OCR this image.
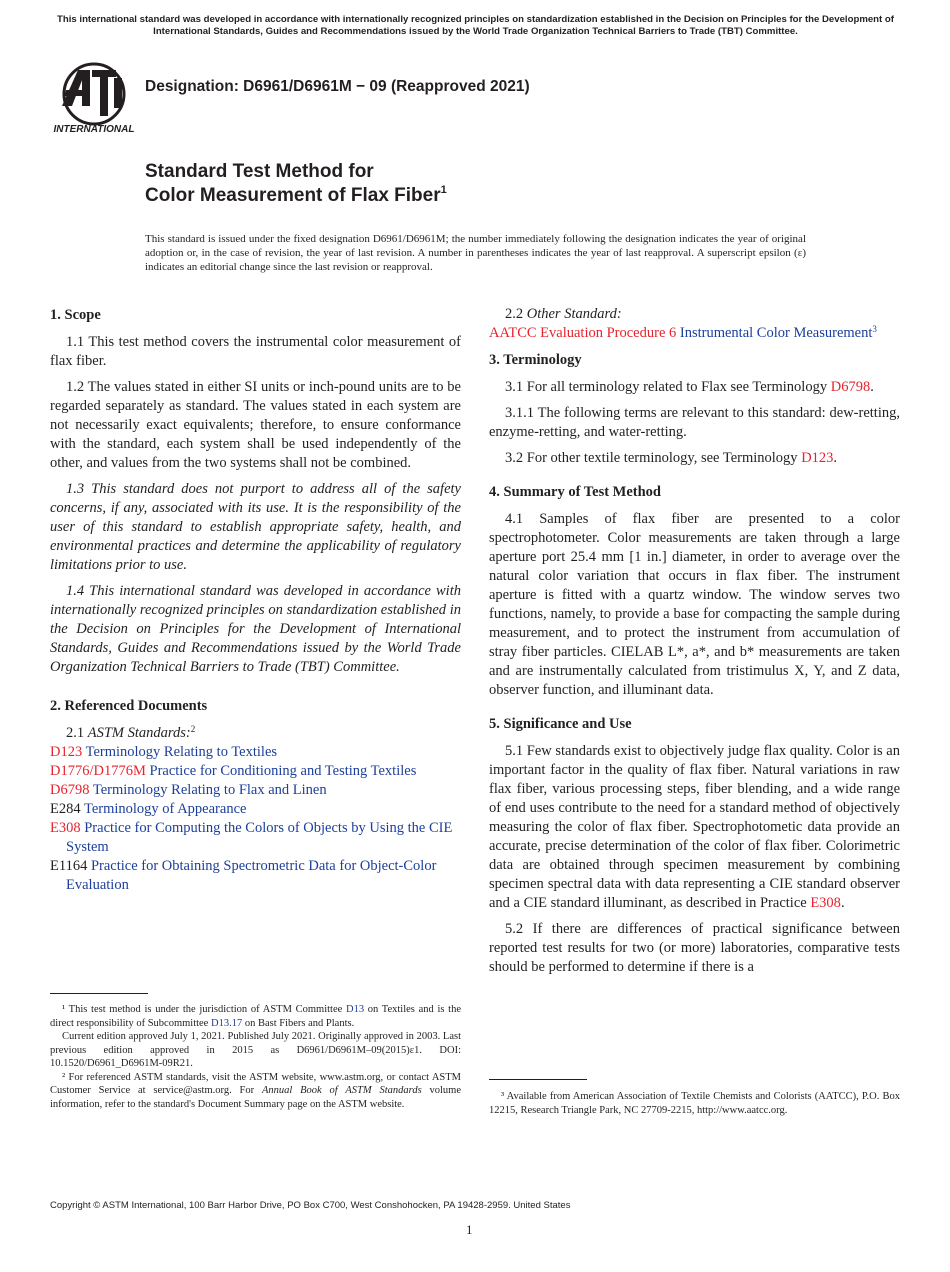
This international standard was developed in accordance with internationally recognized principles on standardization established in the Decision on Principles for the Development of International Standards, Guides and Recommendations issued by the World Trade Organization Technical Barriers to Trade (TBT) Committee.
INTERNATIONAL
Designation: D6961/D6961M − 09 (Reapproved 2021)
Standard Test Method for
Color Measurement of Flax Fiber$^1$
This standard is issued under the fixed designation D6961/D6961M; the number immediately following the designation indicates the year of original adoption or, in the case of revision, the year of last revision. A number in parentheses indicates the year of last reapproval. A superscript epsilon (ε) indicates an editorial change since the last revision or reapproval.
1. Scope

1.1 This test method covers the instrumental color measurement of flax fiber.

1.2 The values stated in either SI units or inch-pound units are to be regarded separately as standard. The values stated in each system are not necessarily exact equivalents; therefore, to ensure conformance with the standard, each system shall be used independently of the other, and values from the two systems shall not be combined.

1.3 This standard does not purport to address all of the safety concerns, if any, associated with its use. It is the responsibility of the user of this standard to establish appropriate safety, health, and environmental practices and determine the applicability of regulatory limitations prior to use.

1.4 This international standard was developed in accordance with internationally recognized principles on standardization established in the Decision on Principles for the Development of International Standards, Guides and Recommendations issued by the World Trade Organization Technical Barriers to Trade (TBT) Committee.

2. Referenced Documents
2.1 ASTM Standards:$^2$
D123 Terminology Relating to Textiles
D1776/D1776M Practice for Conditioning and Testing Textiles
D6798 Terminology Relating to Flax and Linen
E284 Terminology of Appearance
E308 Practice for Computing the Colors of Objects by Using the CIE System
E1164 Practice for Obtaining Spectrometric Data for Object-Color Evaluation

¹ This test method is under the jurisdiction of ASTM Committee D13 on Textiles and is the direct responsibility of Subcommittee D13.17 on Bast Fibers and Plants.

Current edition approved July 1, 2021. Published July 2021. Originally approved in 2003. Last previous edition approved in 2015 as D6961/D6961M–09(2015)ε1. DOI: 10.1520/D6961_D6961M-09R21.

² For referenced ASTM standards, visit the ASTM website, www.astm.org, or contact ASTM Customer Service at service@astm.org. For Annual Book of ASTM Standards volume information, refer to the standard's Document Summary page on the ASTM website.

2.2 Other Standard:
AATCC Evaluation Procedure 6 Instrumental Color Measurement$^3$
3. Terminology

3.1 For all terminology related to Flax see Terminology D6798.

3.1.1 The following terms are relevant to this standard: dew-retting, enzyme-retting, and water-retting.

3.2 For other textile terminology, see Terminology D123.

4. Summary of Test Method

4.1 Samples of flax fiber are presented to a color spectrophotometer. Color measurements are taken through a large aperture port 25.4 mm [1 in.] diameter, in order to average over the natural color variation that occurs in flax fiber. The instrument aperture is fitted with a quartz window. The window serves two functions, namely, to provide a base for compacting the sample during measurement, and to protect the instrument from accumulation of stray fiber particles. CIELAB L*, a*, and b* measurements are taken and are instrumentally calculated from tristimulus X, Y, and Z data, observer function, and illuminant data.

5. Significance and Use

5.1 Few standards exist to objectively judge flax quality. Color is an important factor in the quality of flax fiber. Natural variations in raw flax fiber, various processing steps, fiber blending, and a wide range of end uses contribute to the need for a standard method of objectively measuring the color of flax fiber. Spectrophotometic data provide an accurate, precise determination of the color of flax fiber. Colorimetric data are obtained through specimen measurement by combining specimen spectral data with data representing a CIE standard observer and a CIE standard illuminant, as described in Practice E308.

5.2 If there are differences of practical significance between reported test results for two (or more) laboratories, comparative tests should be performed to determine if there is a

³ Available from American Association of Textile Chemists and Colorists (AATCC), P.O. Box 12215, Research Triangle Park, NC 27709-2215, http://www.aatcc.org.
Copyright © ASTM International, 100 Barr Harbor Drive, PO Box C700, West Conshohocken, PA 19428-2959. United States
1
